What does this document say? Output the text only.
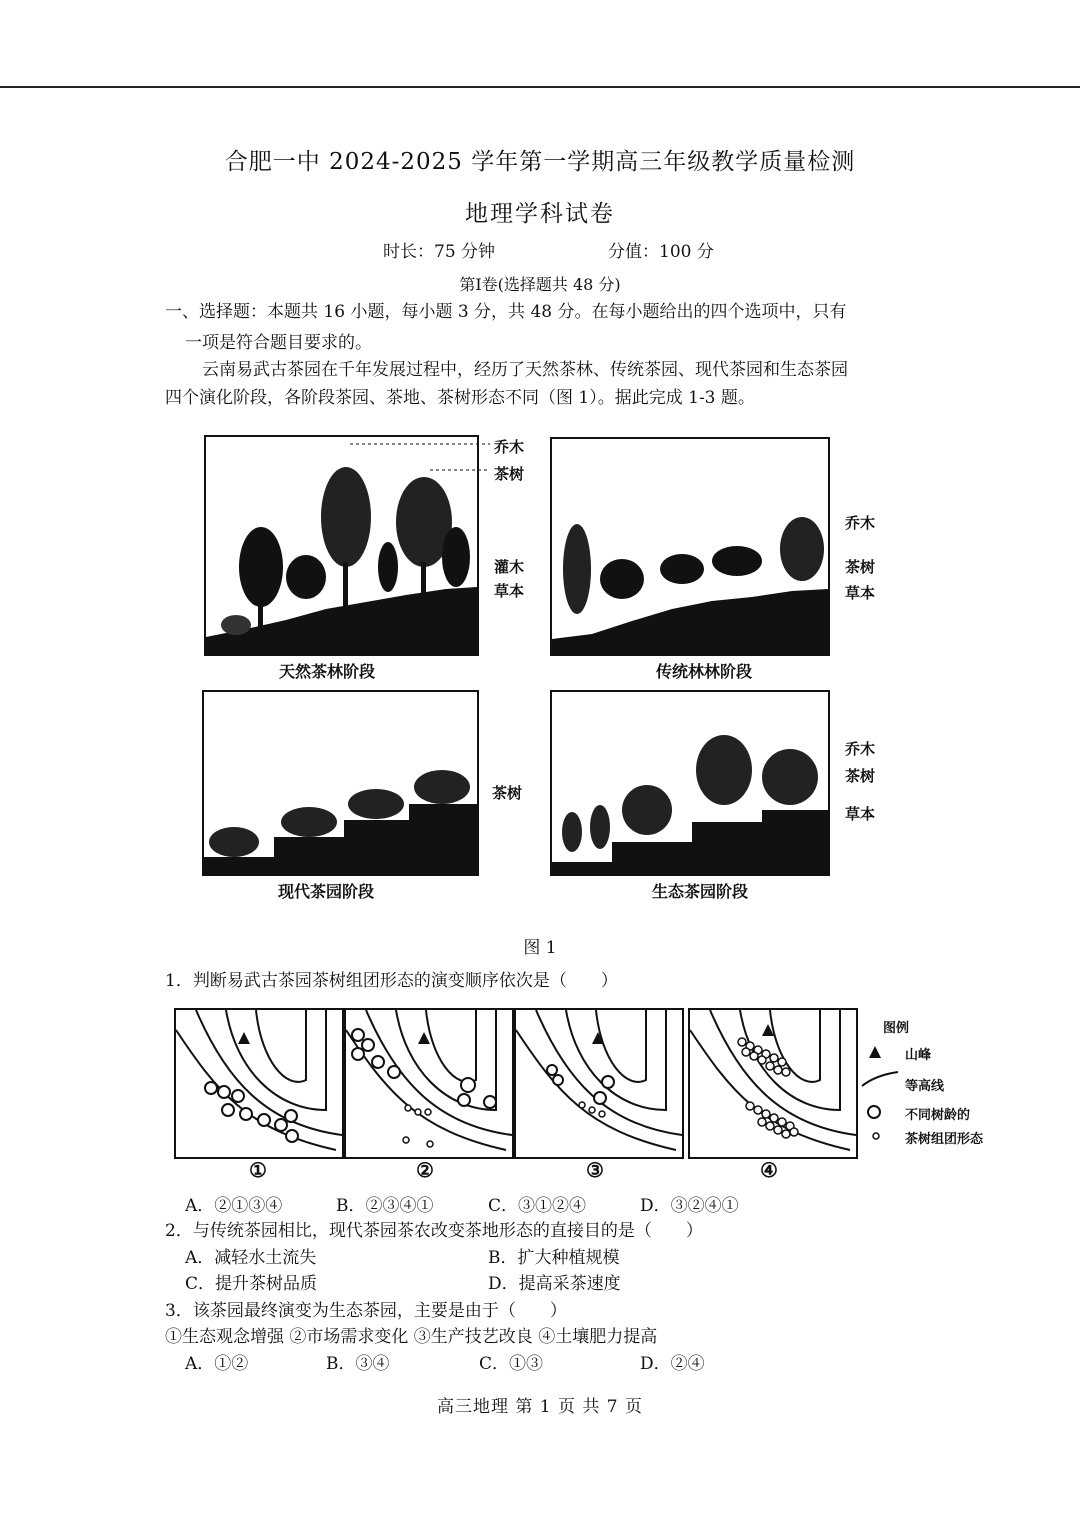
合肥一中 2024-2025 学年第一学期高三年级教学质量检测
地理学科试卷
时长：75 分钟	分值：100 分
第Ⅰ卷(选择题共 48 分)
一、选择题：本题共 16 小题，每小题 3 分，共 48 分。在每小题给出的四个选项中，只有
一项是符合题目要求的。
云南易武古茶园在千年发展过程中，经历了天然茶林、传统茶园、现代茶园和生态茶园
四个演化阶段，各阶段茶园、茶地、茶树形态不同（图 1）。据此完成 1-3 题。
乔木
茶树
灌木
草本
天然茶林阶段
乔木
茶树
草本
传统林林阶段
茶树
现代茶园阶段
乔木
茶树
草本
生态茶园阶段
图 1
1．判断易武古茶园茶树组团形态的演变顺序依次是（　　）
①	②	③	④
图例
山峰
等高线
不同树龄的
茶树组团形态
A．②①③④	B．②③④①	C．③①②④	D．③②④①
2．与传统茶园相比，现代茶园茶农改变茶地形态的直接目的是（　　）
A．减轻水土流失	B．扩大种植规模
C．提升茶树品质	D．提高采茶速度
3．该茶园最终演变为生态茶园，主要是由于（　　）
①生态观念增强 ②市场需求变化 ③生产技艺改良 ④土壤肥力提高
A．①②	B．③④	C．①③	D．②④
高三地理 第 1 页 共 7 页
